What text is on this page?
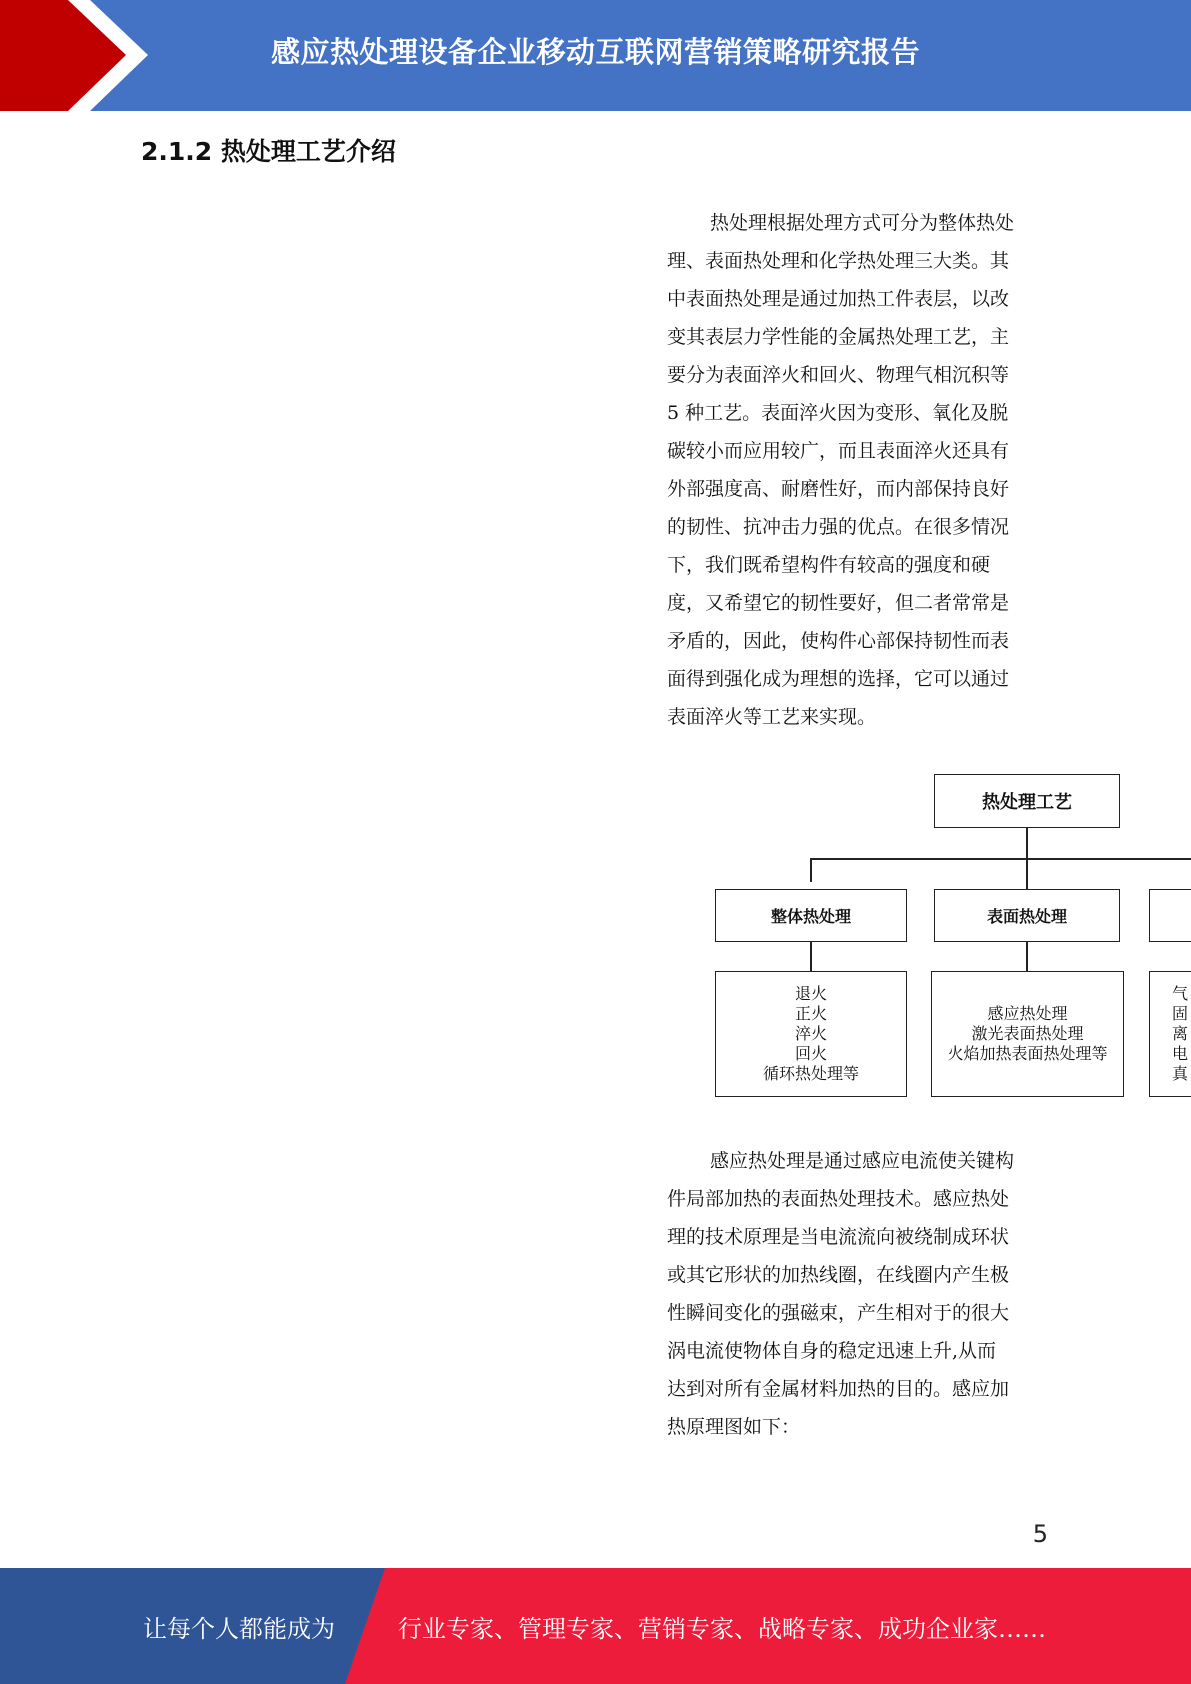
感应热处理设备企业移动互联网营销策略研究报告
2.1.2 热处理工艺介绍
热处理根据处理方式可分为整体热处
理、表面热处理和化学热处理三大类。其
中表面热处理是通过加热工件表层，以改
变其表层力学性能的金属热处理工艺，主
要分为表面淬火和回火、物理气相沉积等
5 种工艺。表面淬火因为变形、氧化及脱
碳较小而应用较广，而且表面淬火还具有
外部强度高、耐磨性好，而内部保持良好
的韧性、抗冲击力强的优点。在很多情况
下，我们既希望构件有较高的强度和硬
度，又希望它的韧性要好，但二者常常是
矛盾的，因此，使构件心部保持韧性而表
面得到强化成为理想的选择，它可以通过
表面淬火等工艺来实现。
热处理工艺
整体热处理	表面热处理
退火
正火
淬火
回火
循环热处理等
感应热处理
激光表面热处理
火焰加热表面热处理等
气
固
离
电
真
感应热处理是通过感应电流使关键构
件局部加热的表面热处理技术。感应热处
理的技术原理是当电流流向被绕制成环状
或其它形状的加热线圈，在线圈内产生极
性瞬间变化的强磁束，产生相对于的很大
涡电流使物体自身的稳定迅速上升,从而
达到对所有金属材料加热的目的。感应加
热原理图如下：
5
让每个人都能成为	行业专家、管理专家、营销专家、战略专家、成功企业家……
